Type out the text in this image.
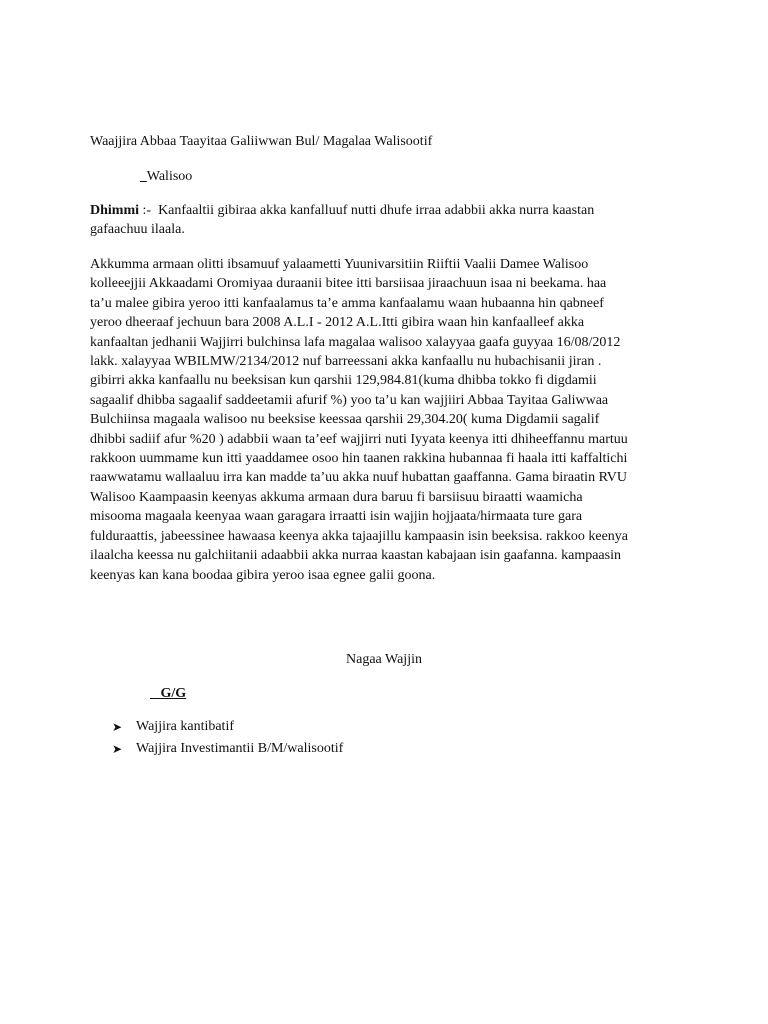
Waajjira Abbaa Taayitaa Galiiwwan Bul/ Magalaa Walisootif
Walisoo
Dhimmi :-  Kanfaaltii gibiraa akka kanfalluuf nutti dhufe irraa adabbii akka nurra kaastan gafaachuu ilaala.
Akkumma armaan olitti ibsamuuf yalaametti Yuunivarsitiin Riiftii Vaalii Damee Walisoo
kolleeejjii Akkaadami Oromiyaa duraanii bitee itti barsiisaa jiraachuun isaa ni beekama. haa
ta’u malee gibira yeroo itti kanfaalamus ta’e amma kanfaalamu waan hubaanna hin qabneef
yeroo dheeraaf jechuun bara 2008 A.L.I - 2012 A.L.Itti gibira waan hin kanfaalleef akka
kanfaaltan jedhanii Wajjirri bulchinsa lafa magalaa walisoo xalayyaa gaafa guyyaa 16/08/2012
lakk. xalayyaa WBILMW/2134/2012 nuf barreessani akka kanfaallu nu hubachisanii jiran .
gibirri akka kanfaallu nu beeksisan kun qarshii 129,984.81(kuma dhibba tokko fi digdamii
sagaalif dhibba sagaalif saddeetamii afurif %) yoo ta’u kan wajjiiri Abbaa Tayitaa Galiwwaa
Bulchiinsa magaala walisoo nu beeksise keessaa qarshii 29,304.20( kuma Digdamii sagalif
dhibbi sadiif afur %20 ) adabbii waan ta’eef wajjirri nuti Iyyata keenya itti dhiheeffannu martuu
rakkoon uummame kun itti yaaddamee osoo hin taanen rakkina hubannaa fi haala itti kaffaltichi
raawwatamu wallaaluu irra kan madde ta’uu akka nuuf hubattan gaaffanna. Gama biraatin RVU
Walisoo Kaampaasin keenyas akkuma armaan dura baruu fi barsiisuu biraatti waamicha
misooma magaala keenyaa waan garagara irraatti isin wajjin hojjaata/hirmaata ture gara
fulduraattis, jabeessinee hawaasa keenya akka tajaajillu kampaasin isin beeksisa. rakkoo keenya
ilaalcha keessa nu galchiitanii adaabbii akka nurraa kaastan kabajaan isin gaafanna. kampaasin
keenyas kan kana boodaa gibira yeroo isaa egnee galii goona.
Nagaa Wajjin
G/G
➤ Wajjira kantibatif
➤ Wajjira Investimantii B/M/walisootif
